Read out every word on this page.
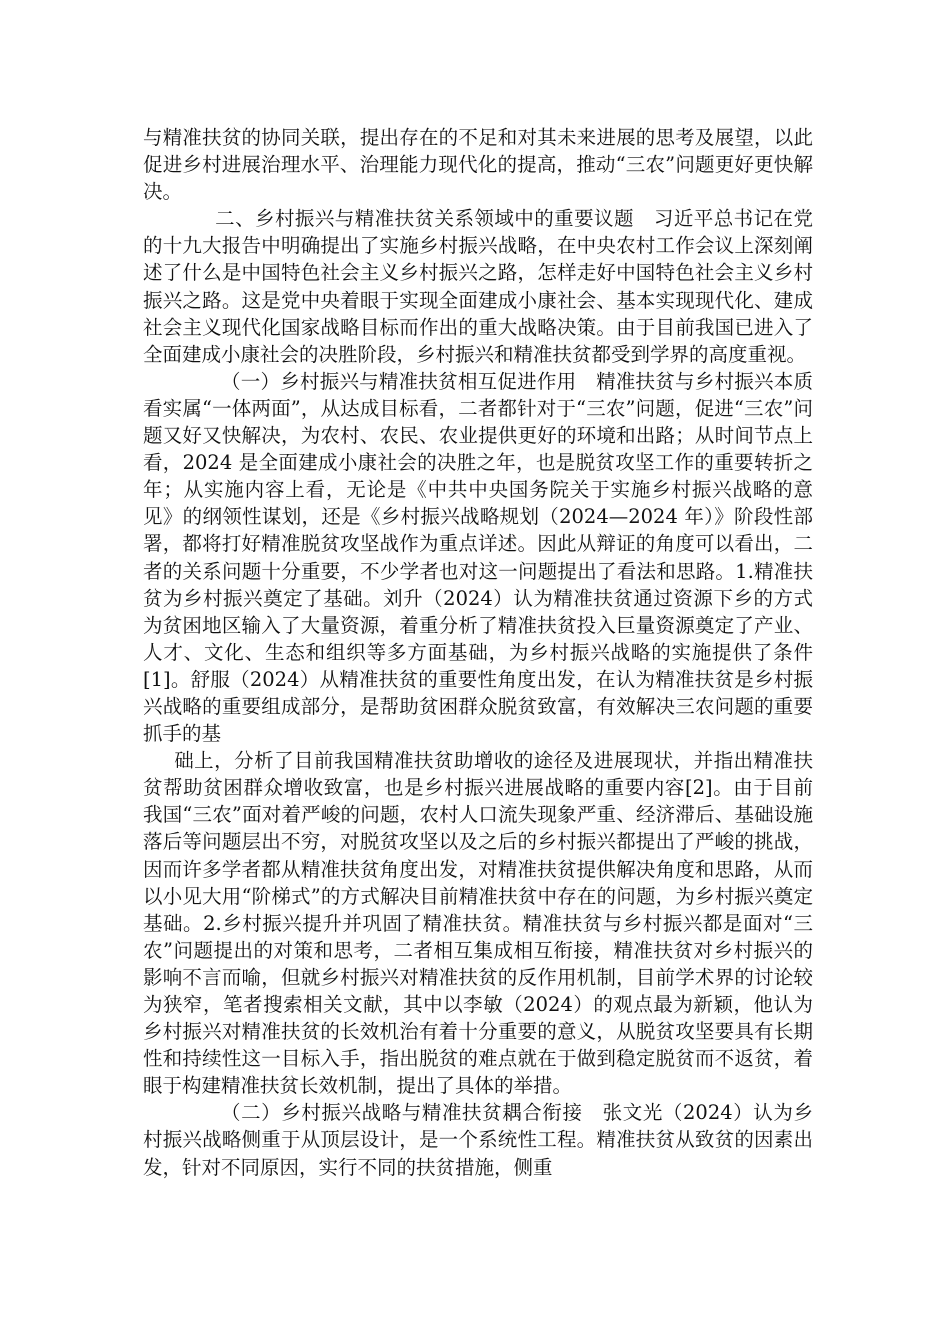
与精准扶贫的协同关联，提出存在的不足和对其未来进展的思考及展望，以此促进乡村进展治理水平、治理能力现代化的提高，推动“三农”问题更好更快解决。

二、乡村振兴与精准扶贫关系领域中的重要议题　习近平总书记在党的十九大报告中明确提出了实施乡村振兴战略，在中央农村工作会议上深刻阐述了什么是中国特色社会主义乡村振兴之路，怎样走好中国特色社会主义乡村振兴之路。这是党中央着眼于实现全面建成小康社会、基本实现现代化、建成社会主义现代化国家战略目标而作出的重大战略决策。由于目前我国已进入了全面建成小康社会的决胜阶段，乡村振兴和精准扶贫都受到学界的高度重视。

（一）乡村振兴与精准扶贫相互促进作用　精准扶贫与乡村振兴本质看实属“一体两面”，从达成目标看，二者都针对于“三农”问题，促进“三农”问题又好又快解决，为农村、农民、农业提供更好的环境和出路；从时间节点上看，2024 是全面建成小康社会的决胜之年，也是脱贫攻坚工作的重要转折之年；从实施内容上看，无论是《中共中央国务院关于实施乡村振兴战略的意见》的纲领性谋划，还是《乡村振兴战略规划（2024—2024 年）》阶段性部署，都将打好精准脱贫攻坚战作为重点详述。因此从辩证的角度可以看出，二者的关系问题十分重要，不少学者也对这一问题提出了看法和思路。1.精准扶贫为乡村振兴奠定了基础。刘升（2024）认为精准扶贫通过资源下乡的方式为贫困地区输入了大量资源，着重分析了精准扶贫投入巨量资源奠定了产业、人才、文化、生态和组织等多方面基础，为乡村振兴战略的实施提供了条件[1]。舒服（2024）从精准扶贫的重要性角度出发，在认为精准扶贫是乡村振兴战略的重要组成部分，是帮助贫困群众脱贫致富，有效解决三农问题的重要抓手的基

础上，分析了目前我国精准扶贫助增收的途径及进展现状，并指出精准扶贫帮助贫困群众增收致富，也是乡村振兴进展战略的重要内容[2]。由于目前我国“三农”面对着严峻的问题，农村人口流失现象严重、经济滞后、基础设施落后等问题层出不穷，对脱贫攻坚以及之后的乡村振兴都提出了严峻的挑战，因而许多学者都从精准扶贫角度出发，对精准扶贫提供解决角度和思路，从而以小见大用“阶梯式”的方式解决目前精准扶贫中存在的问题，为乡村振兴奠定基础。2.乡村振兴提升并巩固了精准扶贫。精准扶贫与乡村振兴都是面对“三农”问题提出的对策和思考，二者相互集成相互衔接，精准扶贫对乡村振兴的影响不言而喻，但就乡村振兴对精准扶贫的反作用机制，目前学术界的讨论较为狭窄，笔者搜索相关文献，其中以李敏（2024）的观点最为新颖，他认为乡村振兴对精准扶贫的长效机治有着十分重要的意义，从脱贫攻坚要具有长期性和持续性这一目标入手，指出脱贫的难点就在于做到稳定脱贫而不返贫，着眼于构建精准扶贫长效机制，提出了具体的举措。

（二）乡村振兴战略与精准扶贫耦合衔接　张文光（2024）认为乡村振兴战略侧重于从顶层设计，是一个系统性工程。精准扶贫从致贫的因素出发，针对不同原因，实行不同的扶贫措施，侧重
